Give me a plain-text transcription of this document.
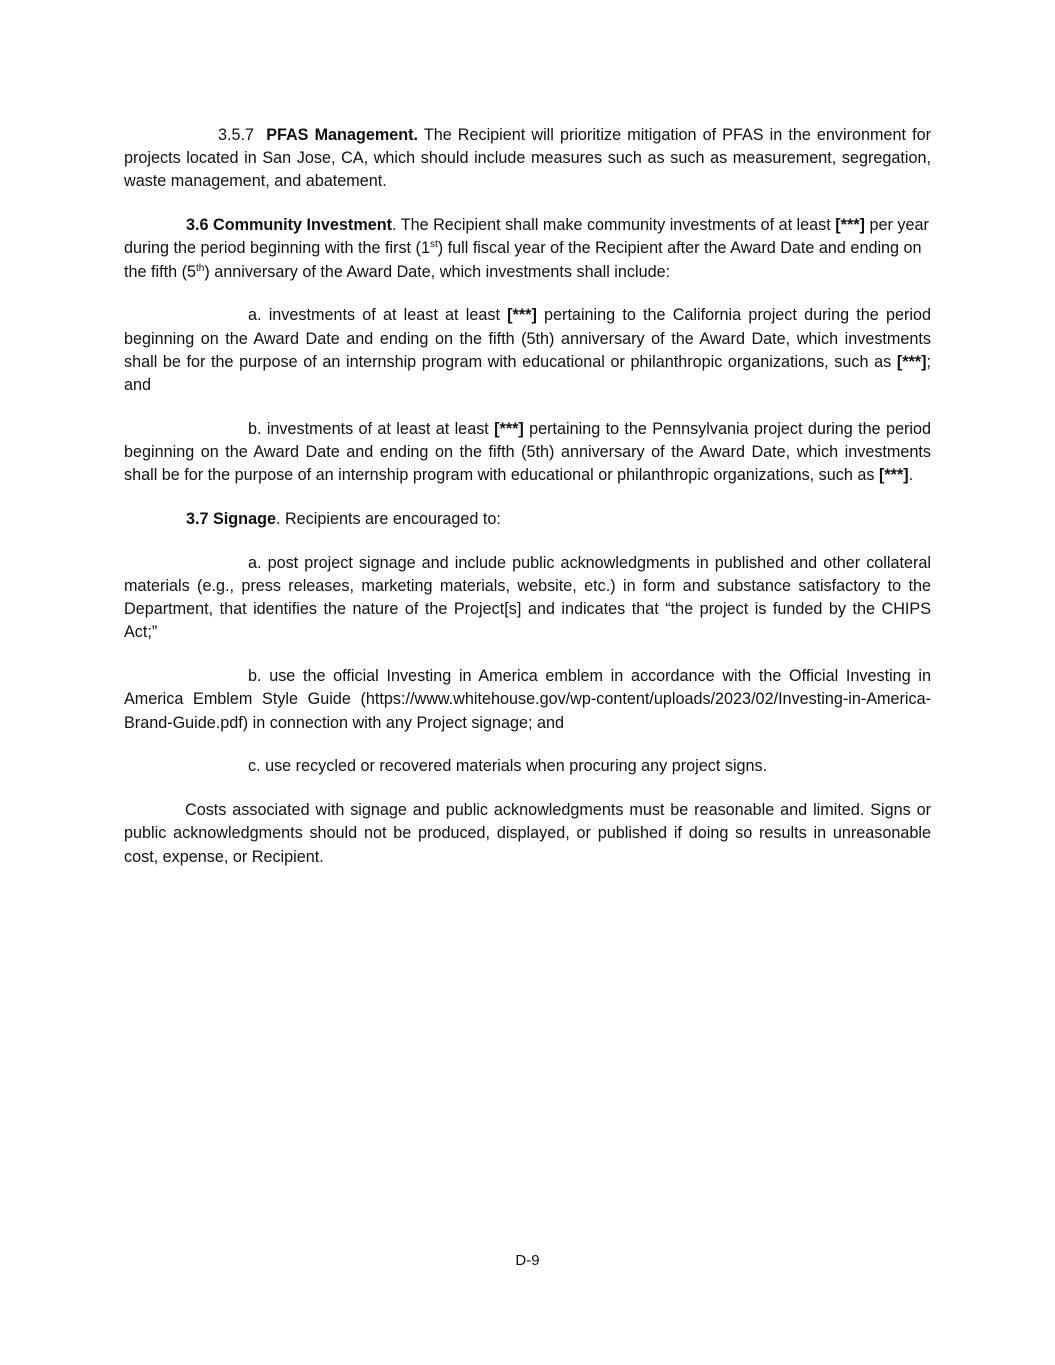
3.5.7 PFAS Management. The Recipient will prioritize mitigation of PFAS in the environment for projects located in San Jose, CA, which should include measures such as such as measurement, segregation, waste management, and abatement.

3.6 Community Investment. The Recipient shall make community investments of at least [***] per year during the period beginning with the first (1st) full fiscal year of the Recipient after the Award Date and ending on the fifth (5th) anniversary of the Award Date, which investments shall include:

a. investments of at least at least [***] pertaining to the California project during the period beginning on the Award Date and ending on the fifth (5th) anniversary of the Award Date, which investments shall be for the purpose of an internship program with educational or philanthropic organizations, such as [***]; and

b. investments of at least at least [***] pertaining to the Pennsylvania project during the period beginning on the Award Date and ending on the fifth (5th) anniversary of the Award Date, which investments shall be for the purpose of an internship program with educational or philanthropic organizations, such as [***].

3.7 Signage. Recipients are encouraged to:

a. post project signage and include public acknowledgments in published and other collateral materials (e.g., press releases, marketing materials, website, etc.) in form and substance satisfactory to the Department, that identifies the nature of the Project[s] and indicates that “the project is funded by the CHIPS Act;”

b. use the official Investing in America emblem in accordance with the Official Investing in America Emblem Style Guide (https://www.whitehouse.gov/wp-content/uploads/2023/02/Investing-in-America-Brand-Guide.pdf) in connection with any Project signage; and

c. use recycled or recovered materials when procuring any project signs.

Costs associated with signage and public acknowledgments must be reasonable and limited. Signs or public acknowledgments should not be produced, displayed, or published if doing so results in unreasonable cost, expense, or Recipient.

D-9
